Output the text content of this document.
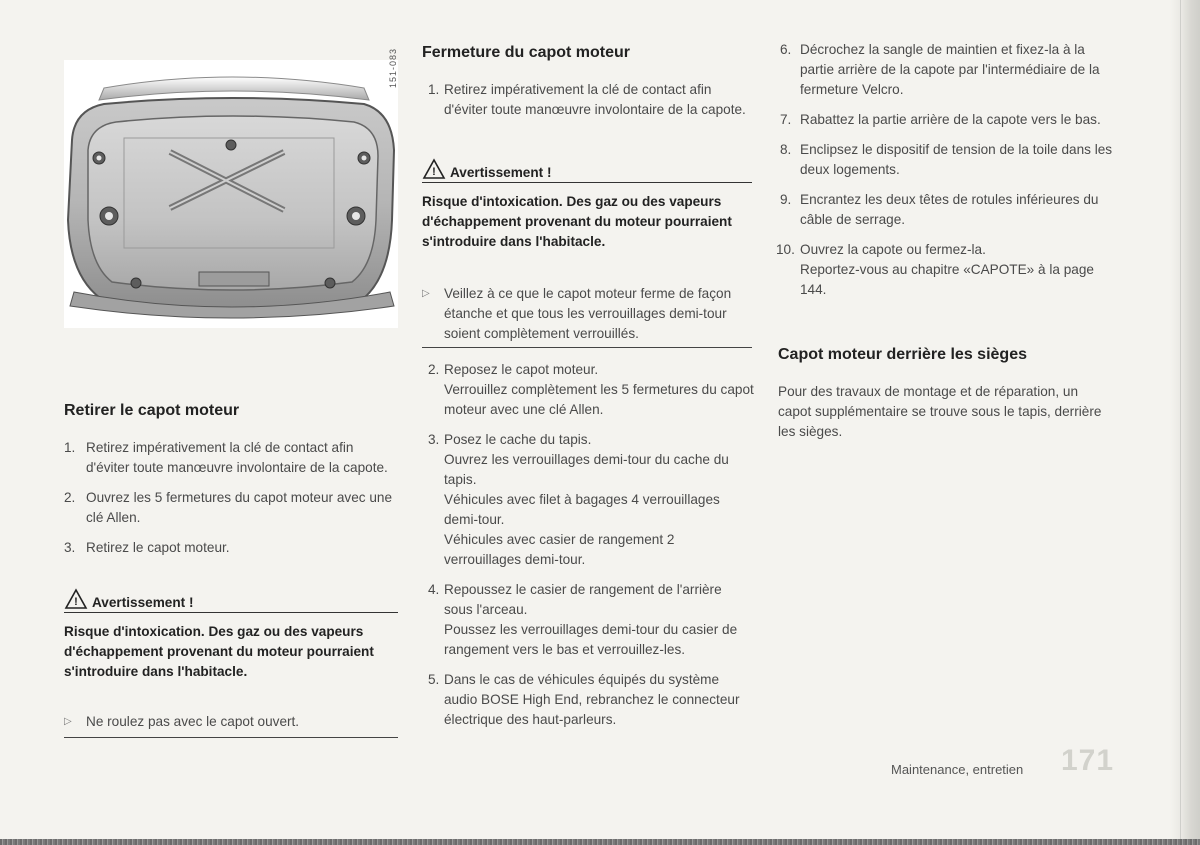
151-083
Retirer le capot moteur
1. Retirez impérativement la clé de contact afin d'éviter toute manœuvre involontaire de la capote.
2. Ouvrez les 5 fermetures du capot moteur avec une clé Allen.
3. Retirez le capot moteur.
! Avertissement !
Risque d'intoxication. Des gaz ou des vapeurs d'échappement provenant du moteur pourraient s'introduire dans l'habitacle.
▷ Ne roulez pas avec le capot ouvert.
Fermeture du capot moteur
1. Retirez impérativement la clé de contact afin d'éviter toute manœuvre involontaire de la capote.
! Avertissement !
Risque d'intoxication. Des gaz ou des vapeurs d'échappement provenant du moteur pourraient s'introduire dans l'habitacle.
▷ Veillez à ce que le capot moteur ferme de façon étanche et que tous les verrouillages demi-tour soient complètement verrouillés.
2. Reposez le capot moteur.
Verrouillez complètement les 5 fermetures du capot moteur avec une clé Allen.
3. Posez le cache du tapis.
Ouvrez les verrouillages demi-tour du cache du tapis.
Véhicules avec filet à bagages 4 verrouillages demi-tour.
Véhicules avec casier de rangement 2 verrouillages demi-tour.
4. Repoussez le casier de rangement de l'arrière sous l'arceau.
Poussez les verrouillages demi-tour du casier de rangement vers le bas et verrouillez-les.
5. Dans le cas de véhicules équipés du système audio BOSE High End, rebranchez le connecteur électrique des haut-parleurs.
6. Décrochez la sangle de maintien et fixez-la à la partie arrière de la capote par l'intermédiaire de la fermeture Velcro.
7. Rabattez la partie arrière de la capote vers le bas.
8. Enclipsez le dispositif de tension de la toile dans les deux logements.
9. Encrantez les deux têtes de rotules inférieures du câble de serrage.
10. Ouvrez la capote ou fermez-la.
Reportez-vous au chapitre «CAPOTE» à la page 144.
Capot moteur derrière les sièges
Pour des travaux de montage et de réparation, un capot supplémentaire se trouve sous le tapis, derrière les sièges.
Maintenance, entretien 171
